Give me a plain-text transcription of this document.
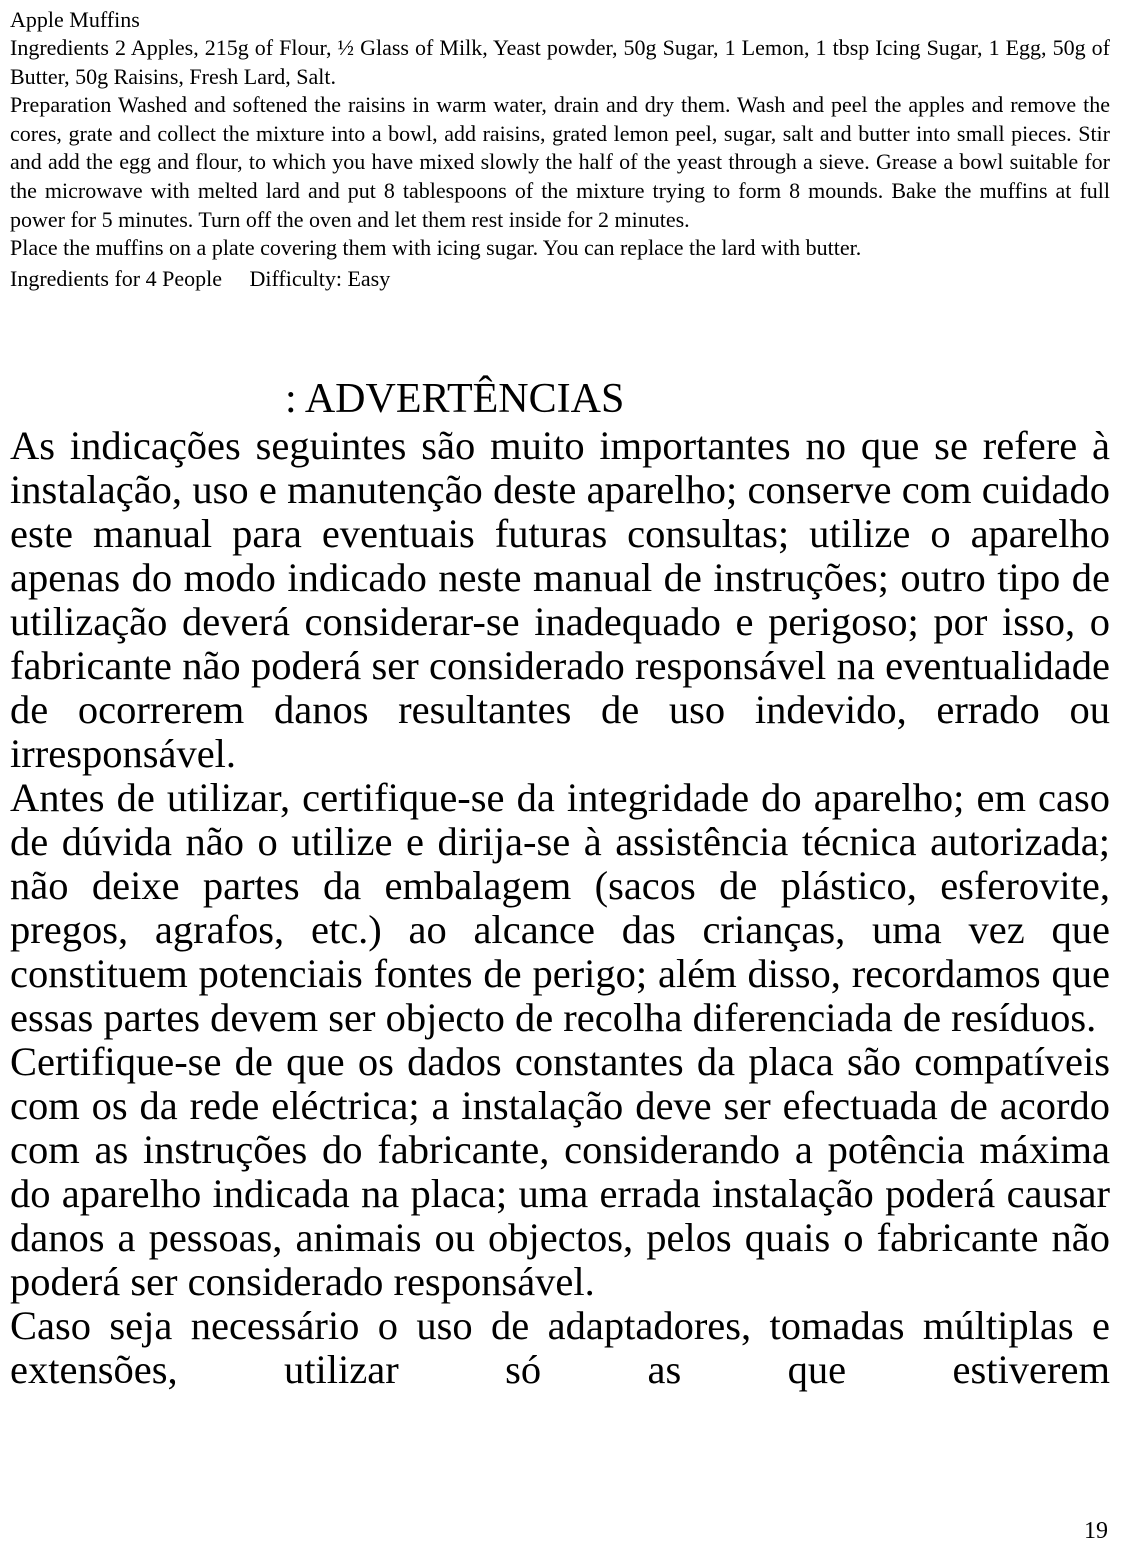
Apple Muffins

Ingredients 2 Apples, 215g of Flour, ½ Glass of Milk, Yeast powder, 50g Sugar, 1 Lemon, 1 tbsp Icing Sugar, 1 Egg, 50g of Butter, 50g Raisins, Fresh Lard, Salt.

Preparation Washed and softened the raisins in warm water, drain and dry them. Wash and peel the apples and remove the cores, grate and collect the mixture into a bowl, add raisins, grated lemon peel, sugar, salt and butter into small pieces. Stir and add the egg and flour, to which you have mixed slowly the half of the yeast through a sieve. Grease a bowl suitable for the microwave with melted lard and put 8 tablespoons of the mixture trying to form 8 mounds. Bake the muffins at full power for 5 minutes. Turn off the oven and let them rest inside for 2 minutes.

Place the muffins on a plate covering them with icing sugar. You can replace the lard with butter.

Ingredients for 4 People     Difficulty: Easy

: ADVERTÊNCIAS

As indicações seguintes são muito importantes no que se refere à instalação, uso e manutenção deste aparelho; conserve com cuidado este manual para eventuais futuras consultas; utilize o aparelho apenas do modo indicado neste manual de instruções; outro tipo de utilização deverá considerar-se inadequado e perigoso; por isso, o fabricante não poderá ser considerado responsável na eventualidade de ocorrerem danos resultantes de uso indevido, errado ou irresponsável.

Antes de utilizar, certifique-se da integridade do aparelho; em caso de dúvida não o utilize e dirija-se à assistência técnica autorizada; não deixe partes da embalagem (sacos de plástico, esferovite, pregos, agrafos, etc.) ao alcance das crianças, uma vez que constituem potenciais fontes de perigo; além disso, recordamos que essas partes devem ser objecto de recolha diferenciada de resíduos.

Certifique-se de que os dados constantes da placa são compatíveis com os da rede eléctrica; a instalação deve ser efectuada de acordo com as instruções do fabricante, considerando a potência máxima do aparelho indicada na placa; uma errada instalação poderá causar danos a pessoas, animais ou objectos, pelos quais o fabricante não poderá ser considerado responsável.

Caso seja necessário o uso de adaptadores, tomadas múltiplas e extensões, utilizar só as que estiverem

19
